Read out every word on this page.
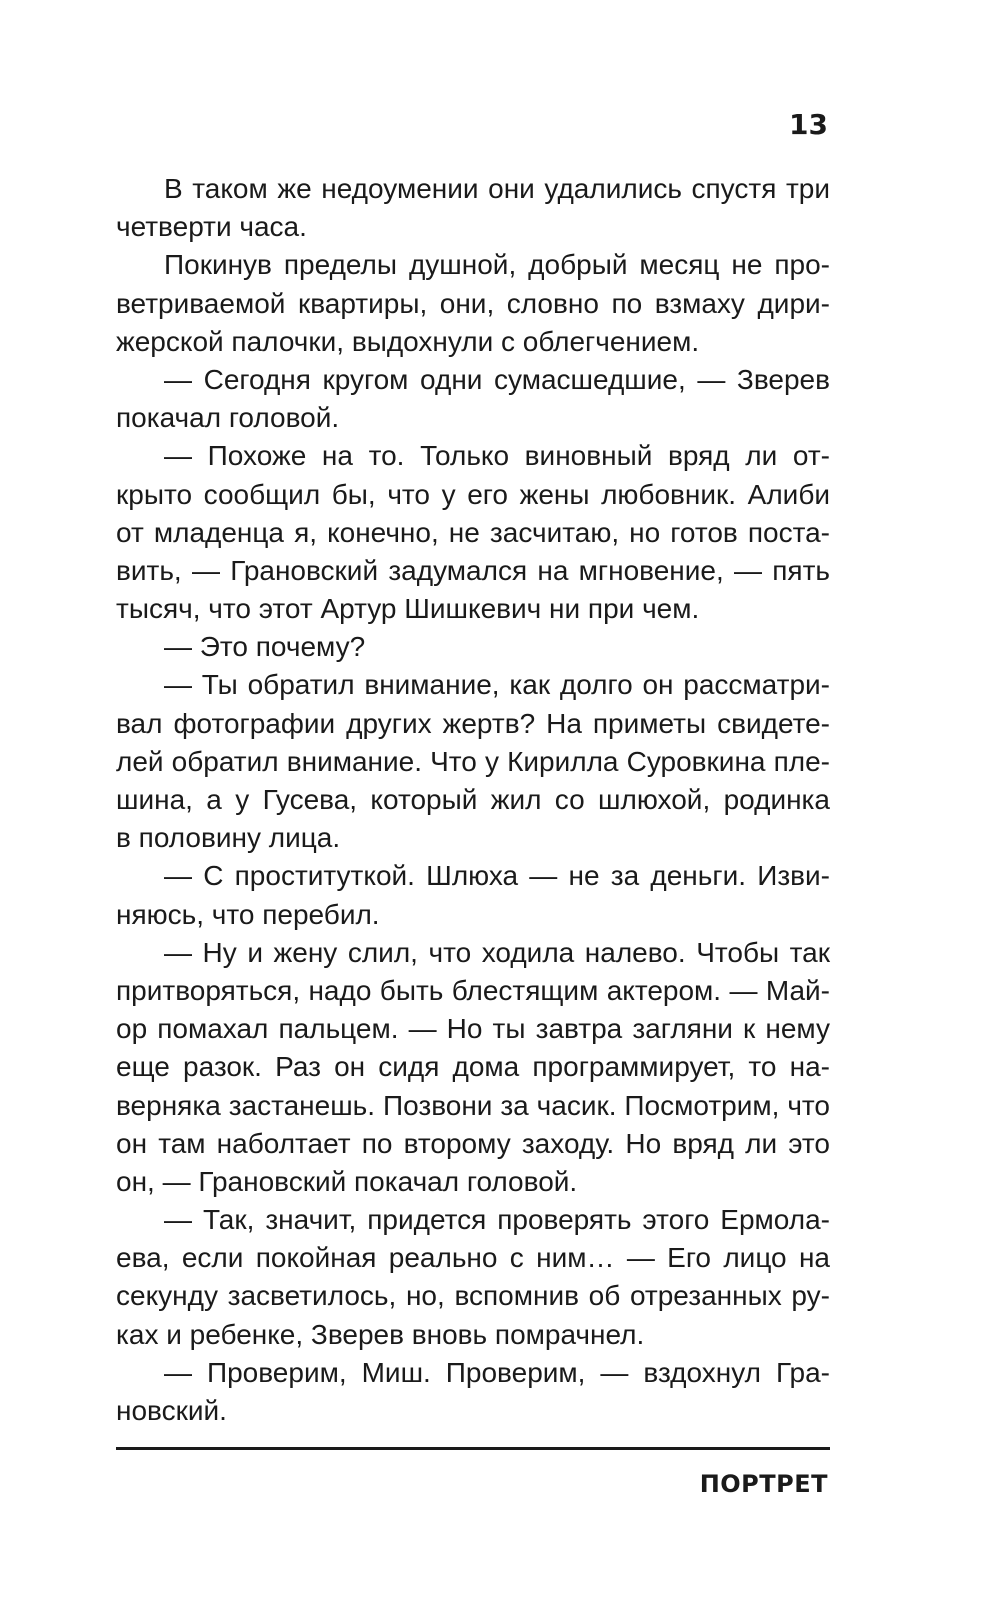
13

В таком же недоумении они удалились спустя три
четверти часа.
Покинув пределы душной, добрый месяц не про-
ветриваемой квартиры, они, словно по взмаху дири-
жерской палочки, выдохнули с облегчением.
— Сегодня кругом одни сумасшедшие, — Зверев
покачал головой.
— Похоже на то. Только виновный вряд ли от-
крыто сообщил бы, что у его жены любовник. Алиби
от младенца я, конечно, не засчитаю, но готов поста-
вить, — Грановский задумался на мгновение, — пять
тысяч, что этот Артур Шишкевич ни при чем.
— Это почему?
— Ты обратил внимание, как долго он рассматри-
вал фотографии других жертв? На приметы свидете-
лей обратил внимание. Что у Кирилла Суровкина пле-
шина, а у Гусева, который жил со шлюхой, родинка
в половину лица.
— С проституткой. Шлюха — не за деньги. Изви-
няюсь, что перебил.
— Ну и жену слил, что ходила налево. Чтобы так
притворяться, надо быть блестящим актером. — Май-
ор помахал пальцем. — Но ты завтра загляни к нему
еще разок. Раз он сидя дома программирует, то на-
верняка застанешь. Позвони за часик. Посмотрим, что
он там наболтает по второму заходу. Но вряд ли это
он, — Грановский покачал головой.
— Так, значит, придется проверять этого Ермола-
ева, если покойная реально с ним… — Его лицо на
секунду засветилось, но, вспомнив об отрезанных ру-
ках и ребенке, Зверев вновь помрачнел.
— Проверим, Миш. Проверим, — вздохнул Гра-
новский.

ПОРТРЕТ
